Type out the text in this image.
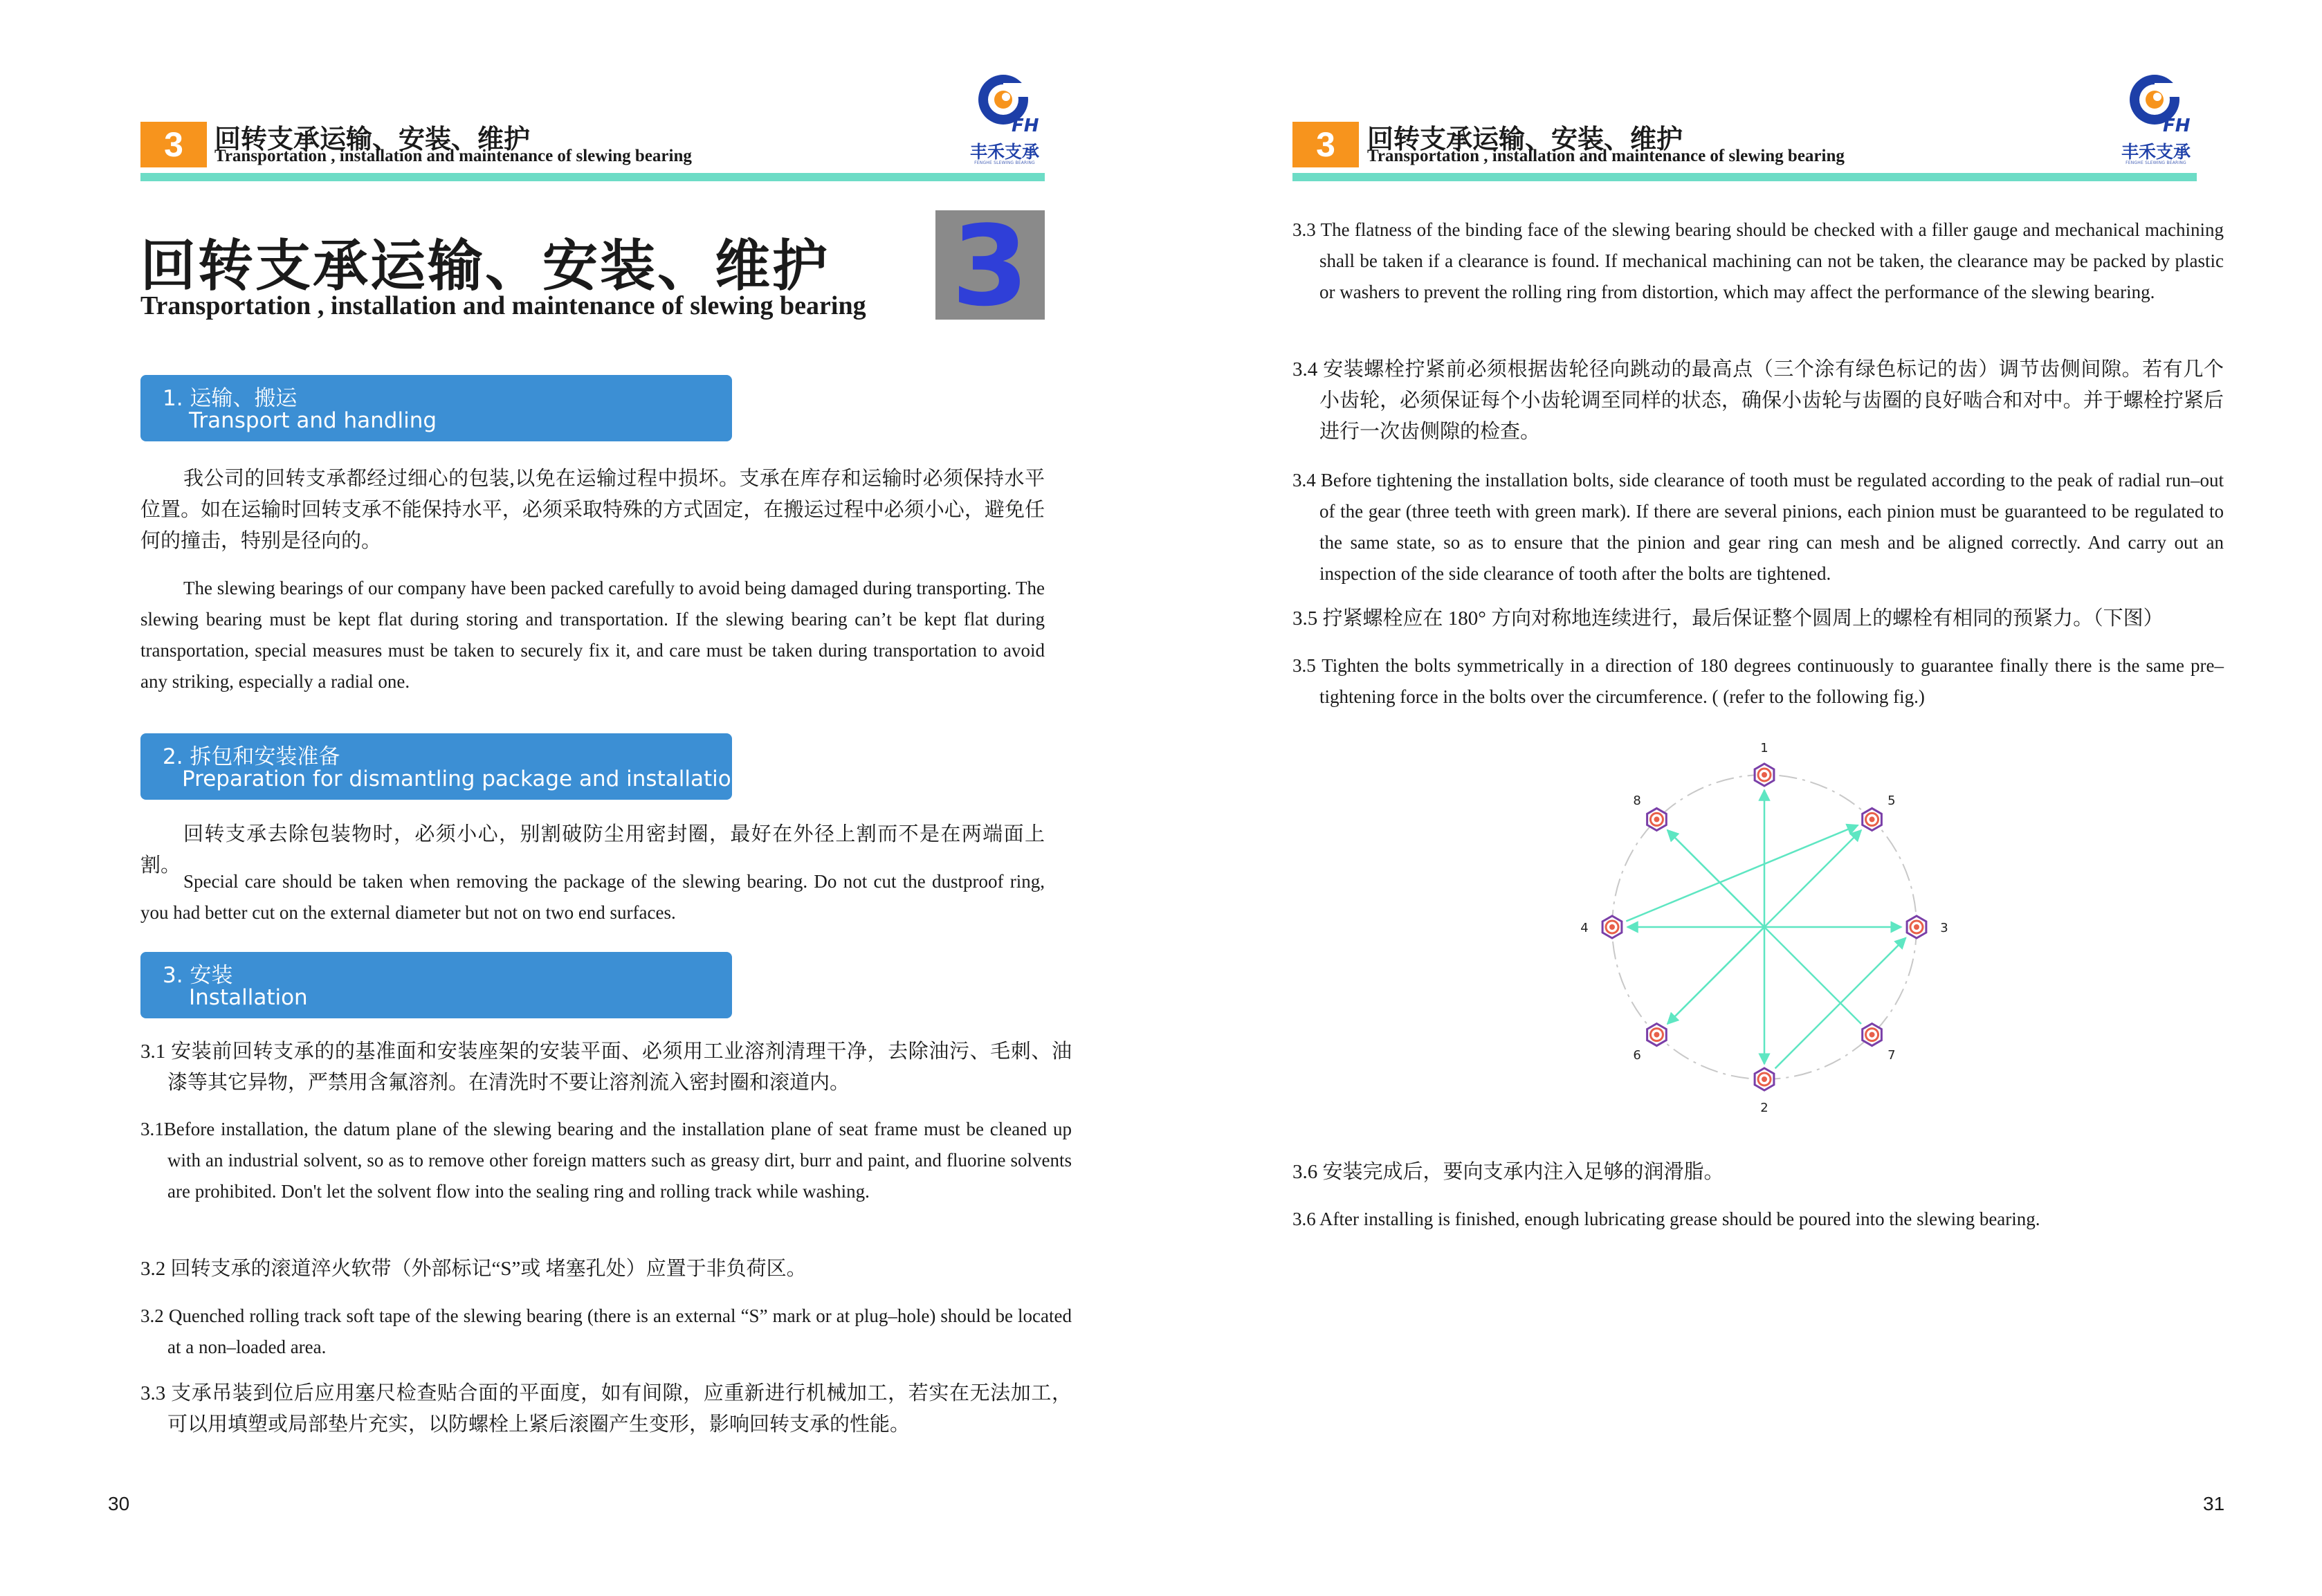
3	回转支承运输、安装、维护
Transportation , installation and maintenance of slewing bearing
FH
丰禾支承
FENGHE SLEWING BEARING
回转支承运输、安装、维护
Transportation , installation and maintenance of slewing bearing 3
1. 运输、搬运
Transport and handling
我公司的回转支承都经过细心的包装,以免在运输过程中损坏。支承在库存和运输时必须保持水平位置。如在运输时回转支承不能保持水平，必须采取特殊的方式固定，在搬运过程中必须小心，避免任何的撞击，特别是径向的。
The slewing bearings of our company have been packed carefully to avoid being damaged during transporting. The slewing bearing must be kept flat during storing and transportation. If the slewing bearing can’t be kept flat during transportation, special measures must be taken to securely fix it, and care must be taken during transportation to avoid any striking, especially a radial one.
2. 拆包和安装准备
Preparation for dismantling package and installation
回转支承去除包装物时，必须小心，别割破防尘用密封圈，最好在外径上割而不是在两端面上割。
Special care should be taken when removing the package of the slewing bearing. Do not cut the dustproof ring, you had better cut on the external diameter but not on two end surfaces.
3. 安装
Installation
3.1 安装前回转支承的的基准面和安装座架的安装平面、必须用工业溶剂清理干净，去除油污、毛刺、油漆等其它异物，严禁用含氟溶剂。在清洗时不要让溶剂流入密封圈和滚道内。
3.1Before installation, the datum plane of the slewing bearing and the installation plane of seat frame must be cleaned up with an industrial solvent, so as to remove other foreign matters such as greasy dirt, burr and paint, and fluorine solvents are prohibited. Don't let the solvent flow into the sealing ring and rolling track while washing.
3.2 回转支承的滚道淬火软带（外部标记“S”或 堵塞孔处）应置于非负荷区。
3.2 Quenched rolling track soft tape of the slewing bearing (there is an external “S” mark or at plug–hole) should be located at a non–loaded area.
3.3 支承吊装到位后应用塞尺检查贴合面的平面度，如有间隙，应重新进行机械加工，若实在无法加工，可以用填塑或局部垫片充实，以防螺栓上紧后滚圈产生变形，影响回转支承的性能。
30
3	回转支承运输、安装、维护
Transportation , installation and maintenance of slewing bearing
FH
丰禾支承
FENGHE SLEWING BEARING
3.3 The flatness of the binding face of the slewing bearing should be checked with a filler gauge and mechanical machining shall be taken if a clearance is found. If mechanical machining can not be taken, the clearance may be packed by plastic or washers to prevent the rolling ring from distortion, which may affect the performance of the slewing bearing.
3.4 安装螺栓拧紧前必须根据齿轮径向跳动的最高点（三个涂有绿色标记的齿）调节齿侧间隙。若有几个小齿轮，必须保证每个小齿轮调至同样的状态，确保小齿轮与齿圈的良好啮合和对中。并于螺栓拧紧后进行一次齿侧隙的检查。
3.4 Before tightening the installation bolts, side clearance of tooth must be regulated according to the peak of radial run–out of the gear (three teeth with green mark). If there are several pinions, each pinion must be guaranteed to be regulated to the same state, so as to ensure that the pinion and gear ring can mesh and be aligned correctly. And carry out an inspection of the side clearance of tooth after the bolts are tightened.
3.5 拧紧螺栓应在 180° 方向对称地连续进行，最后保证整个圆周上的螺栓有相同的预紧力。（下图）
3.5 Tighten the bolts symmetrically in a direction of 180 degrees continuously to guarantee finally there is the same pre– tightening force in the bolts over the circumference. ( (refer to the following fig.)
3.6 安装完成后，要向支承内注入足够的润滑脂。
3.6 After installing is finished, enough lubricating grease should be poured into the slewing bearing.
31
1
2
3
4
5
6	7
8
